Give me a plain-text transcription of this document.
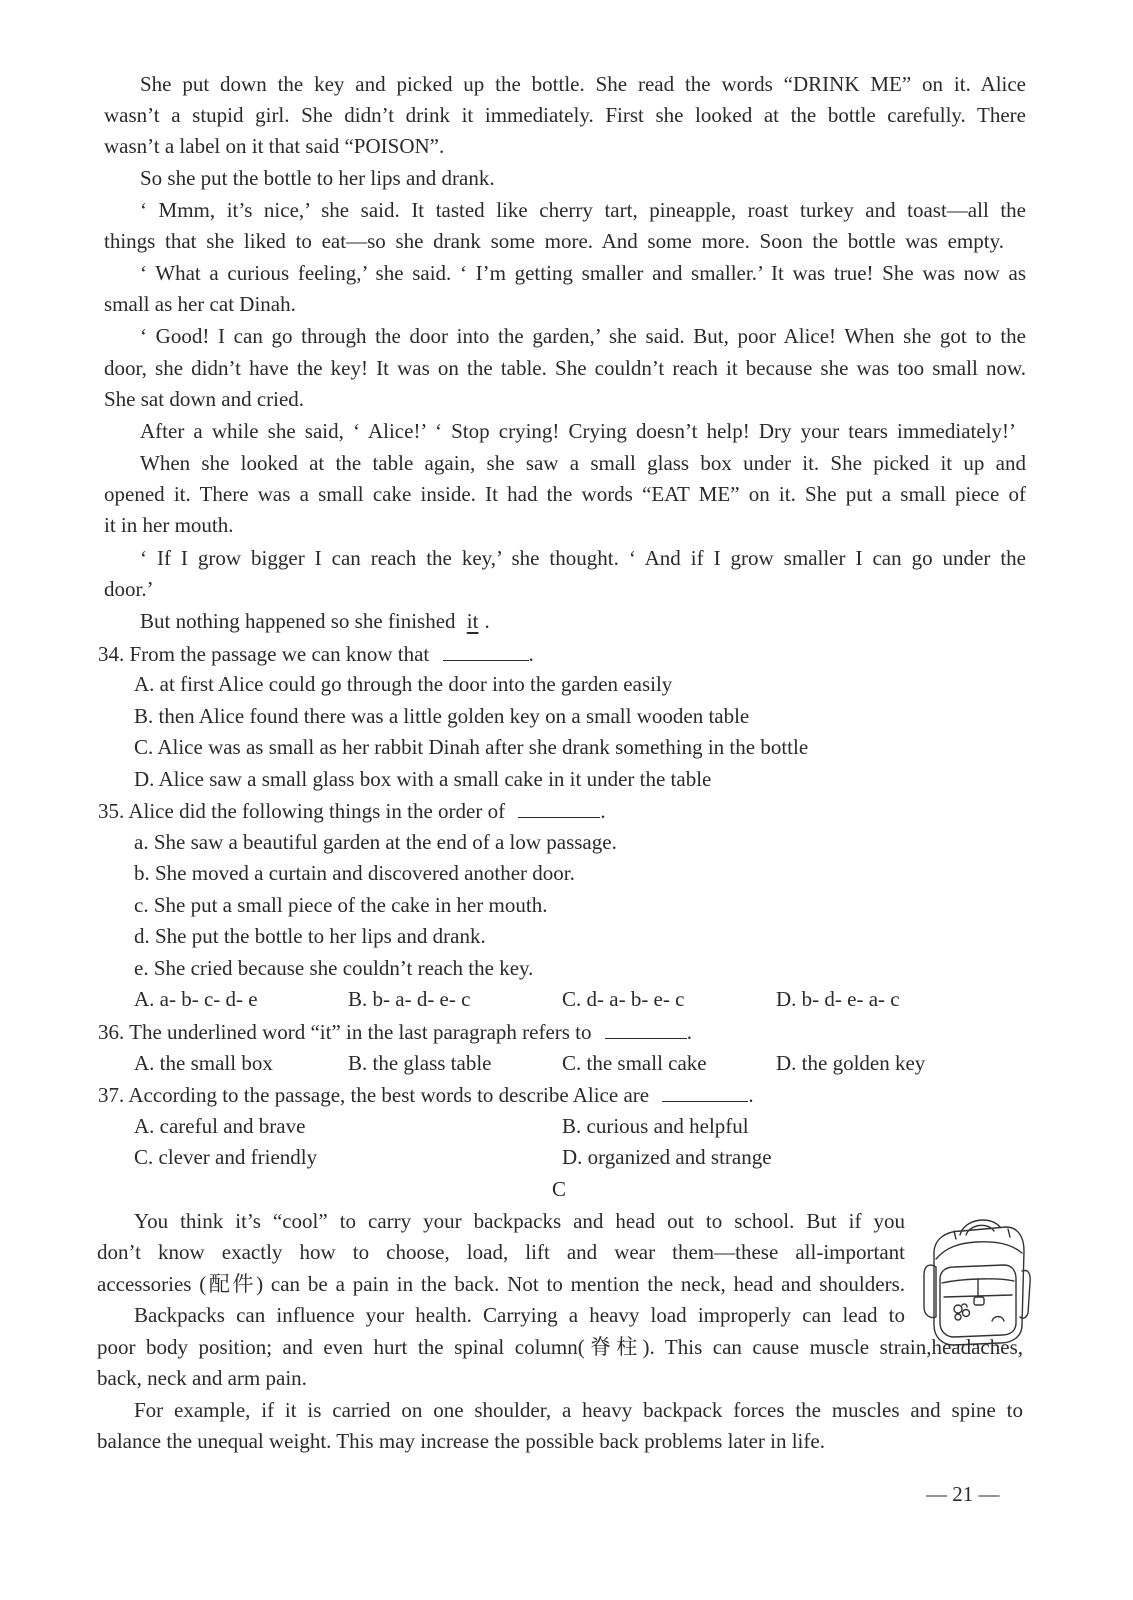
She put down the key and picked up the bottle. She read the words “DRINK ME” on it. Alice
wasn’t a stupid girl. She didn’t drink it immediately. First she looked at the bottle carefully. There
wasn’t a label on it that said “POISON”.
So she put the bottle to her lips and drank.
‘ Mmm, it’s nice,’ she said. It tasted like cherry tart, pineapple, roast turkey and toast—all the
things that she liked to eat—so she drank some more. And some more. Soon the bottle was empty.
‘ What a curious feeling,’ she said. ‘ I’m getting smaller and smaller.’ It was true! She was now as
small as her cat Dinah.
‘ Good! I can go through the door into the garden,’ she said. But, poor Alice! When she got to the
door, she didn’t have the key! It was on the table. She couldn’t reach it because she was too small now.
She sat down and cried.
After a while she said, ‘ Alice!’ ‘ Stop crying! Crying doesn’t help! Dry your tears immediately!’
When she looked at the table again, she saw a small glass box under it. She picked it up and
opened it. There was a small cake inside. It had the words “EAT ME” on it. She put a small piece of
it in her mouth.
‘ If I grow bigger I can reach the key,’ she thought. ‘ And if I grow smaller I can go under the
door.’
But nothing happened so she finished it .
34. From the passage we can know that	.
A. at first Alice could go through the door into the garden easily
B. then Alice found there was a little golden key on a small wooden table
C. Alice was as small as her rabbit Dinah after she drank something in the bottle
D. Alice saw a small glass box with a small cake in it under the table
35. Alice did the following things in the order of	.
a. She saw a beautiful garden at the end of a low passage.
b. She moved a curtain and discovered another door.
c. She put a small piece of the cake in her mouth.
d. She put the bottle to her lips and drank.
e. She cried because she couldn’t reach the key.
A. a- b- c- d- e	B. b- a- d- e- c	C. d- a- b- e- c	D. b- d- e- a- c
36. The underlined word “it” in the last paragraph refers to	.
A. the small box	B. the glass table	C. the small cake	D. the golden key
37. According to the passage, the best words to describe Alice are	.
A. careful and brave	B. curious and helpful
C. clever and friendly	D. organized and strange
C
You think it’s “cool” to carry your backpacks and head out to school. But if you
don’t know exactly how to choose, load, lift and wear them—these all-important
accessories (配件) can be a pain in the back. Not to mention the neck, head and shoulders.
Backpacks can influence your health. Carrying a heavy load improperly can lead to
poor body position; and even hurt the spinal column(脊柱). This can cause muscle strain,headaches,
back, neck and arm pain.
For example, if it is carried on one shoulder, a heavy backpack forces the muscles and spine to
balance the unequal weight. This may increase the possible back problems later in life.
— 21 —
